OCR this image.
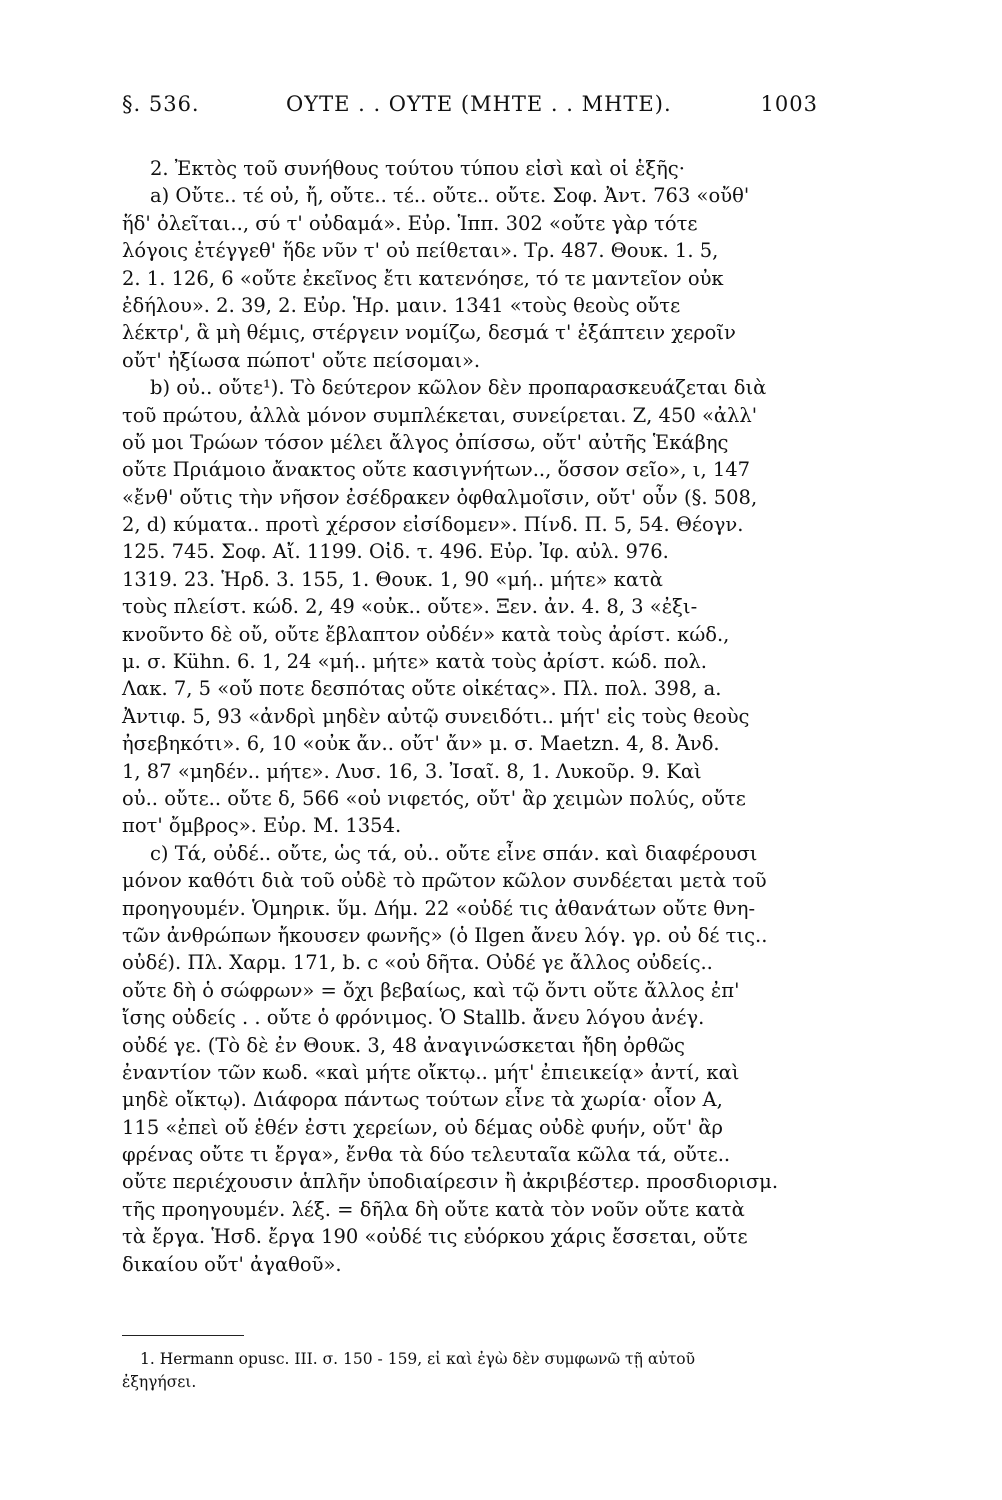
§. 536.	ΟΥΤΕ . . ΟΥΤΕ (ΜΗΤΕ . . ΜΗΤΕ).	1003
2. Ἐκτὸς τοῦ συνήθους τούτου τύπου εἰσὶ καὶ οἱ ἑξῆς·
a) Οὔτε.. τέ οὐ, ἤ, οὔτε.. τέ.. οὔτε.. οὔτε. Σοφ. Ἀντ. 763 «οὔθ'
ἥδ' ὀλεῖται.., σύ τ' οὐδαμά». Εὐρ. Ἱππ. 302 «οὔτε γὰρ τότε
λόγοις ἐτέγγεθ' ἥδε νῦν τ' οὐ πείθεται». Τρ. 487. Θουκ. 1. 5,
2. 1. 126, 6 «οὔτε ἐκεῖνος ἔτι κατενόησε, τό τε μαντεῖον οὐκ
ἐδήλου». 2. 39, 2. Εὐρ. Ἡρ. μαιν. 1341 «τοὺς θεοὺς οὔτε
λέκτρ', ἃ μὴ θέμις, στέργειν νομίζω, δεσμά τ' ἐξάπτειν χεροῖν
οὔτ' ἠξίωσα πώποτ' οὔτε πείσομαι».
b) οὐ.. οὔτε¹). Τὸ δεύτερον κῶλον δὲν προπαρασκευάζεται διὰ
τοῦ πρώτου, ἀλλὰ μόνον συμπλέκεται, συνείρεται. Ζ, 450 «ἀλλ'
οὔ μοι Τρώων τόσον μέλει ἄλγος ὀπίσσω, οὔτ' αὐτῆς Ἑκάβης
οὔτε Πριάμοιο ἄνακτος οὔτε κασιγνήτων.., ὅσσον σεῖο», ι, 147
«ἔνθ' οὔτις τὴν νῆσον ἐσέδρακεν ὀφθαλμοῖσιν, οὔτ' οὖν (§. 508,
2, d) κύματα.. προτὶ χέρσον εἰσίδομεν». Πίνδ. Π. 5, 54. Θέογν.
125. 745. Σοφ. Αἴ. 1199. Οἰδ. τ. 496. Εὐρ. Ἰφ. αὐλ. 976.
1319. 23. Ἡρδ. 3. 155, 1. Θουκ. 1, 90 «μή.. μήτε» κατὰ
τοὺς πλείστ. κώδ. 2, 49 «οὐκ.. οὔτε». Ξεν. ἀν. 4. 8, 3 «ἐξι-
κνοῦντο δὲ οὔ, οὔτε ἔβλαπτον οὐδέν» κατὰ τοὺς ἀρίστ. κώδ.,
μ. σ. Kühn. 6. 1, 24 «μή.. μήτε» κατὰ τοὺς ἀρίστ. κώδ. πολ.
Λακ. 7, 5 «οὔ ποτε δεσπότας οὔτε οἰκέτας». Πλ. πολ. 398, a.
Ἀντιφ. 5, 93 «ἀνδρὶ μηδὲν αὐτῷ συνειδότι.. μήτ' εἰς τοὺς θεοὺς
ἠσεβηκότι». 6, 10 «οὐκ ἄν.. οὔτ' ἄν» μ. σ. Maetzn. 4, 8. Ἀνδ.
1, 87 «μηδέν.. μήτε». Λυσ. 16, 3. Ἰσαῖ. 8, 1. Λυκοῦρ. 9. Καὶ
οὐ.. οὔτε.. οὔτε δ, 566 «οὐ νιφετός, οὔτ' ἂρ χειμὼν πολύς, οὔτε
ποτ' ὄμβρος». Εὐρ. Μ. 1354.
c) Τά, οὐδέ.. οὔτε, ὡς τά, οὐ.. οὔτε εἶνε σπάν. καὶ διαφέρουσι
μόνον καθότι διὰ τοῦ οὐδὲ τὸ πρῶτον κῶλον συνδέεται μετὰ τοῦ
προηγουμέν. Ὁμηρικ. ὕμ. Δήμ. 22 «οὐδέ τις ἀθανάτων οὔτε θνη-
τῶν ἀνθρώπων ἤκουσεν φωνῆς» (ὁ Ilgen ἄνευ λόγ. γρ. οὐ δέ τις..
οὐδέ). Πλ. Χαρμ. 171, b. c «οὐ δῆτα. Οὐδέ γε ἄλλος οὐδείς..
οὔτε δὴ ὁ σώφρων» = ὄχι βεβαίως, καὶ τῷ ὄντι οὔτε ἄλλος ἐπ'
ἴσης οὐδείς . . οὔτε ὁ φρόνιμος. Ὁ Stallb. ἄνευ λόγου ἀνέγ.
οὐδέ γε. (Τὸ δὲ ἐν Θουκ. 3, 48 ἀναγινώσκεται ἤδη ὀρθῶς
ἐναντίον τῶν κωδ. «καὶ μήτε οἴκτῳ.. μήτ' ἐπιεικείᾳ» ἀντί, καὶ
μηδὲ οἴκτῳ). Διάφορα πάντως τούτων εἶνε τὰ χωρία· οἷον Α,
115 «ἐπεὶ οὔ ἑθέν ἐστι χερείων, οὐ δέμας οὐδὲ φυήν, οὔτ' ἂρ
φρένας οὔτε τι ἔργα», ἔνθα τὰ δύο τελευταῖα κῶλα τά, οὔτε..
οὔτε περιέχουσιν ἁπλῆν ὑποδιαίρεσιν ἢ ἀκριβέστερ. προσδιορισμ.
τῆς προηγουμέν. λέξ. = δῆλα δὴ οὔτε κατὰ τὸν νοῦν οὔτε κατὰ
τὰ ἔργα. Ἡσδ. ἔργα 190 «οὐδέ τις εὐόρκου χάρις ἔσσεται, οὔτε
δικαίου οὔτ' ἀγαθοῦ».
1. Hermann opusc. III. σ. 150 - 159, εἰ καὶ ἐγὼ δὲν συμφωνῶ τῇ αὐτοῦ
ἐξηγήσει.
